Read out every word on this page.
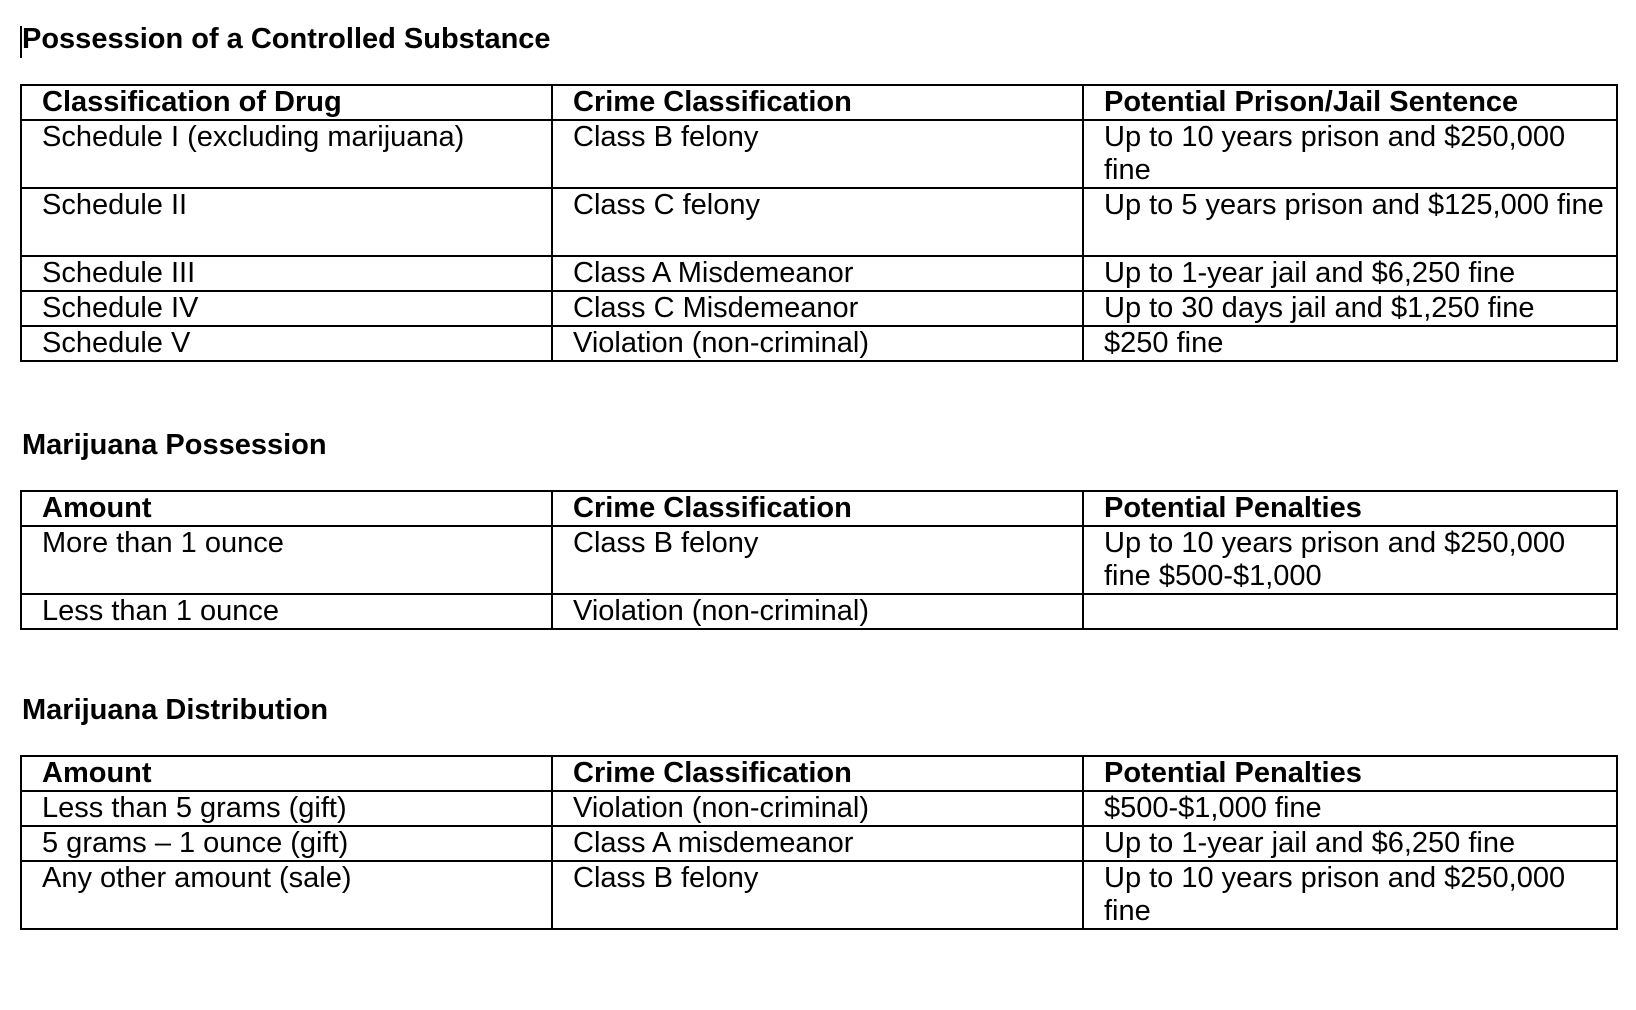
Possession of a Controlled Substance
Classification of Drug	Crime Classification	Potential Prison/Jail Sentence
Schedule I (excluding marijuana)	Class B felony	Up to 10 years prison and $250,000 fine
Schedule II	Class C felony	Up to 5 years prison and $125,000 fine
Schedule III	Class A Misdemeanor	Up to 1-year jail and $6,250 fine
Schedule IV	Class C Misdemeanor	Up to 30 days jail and $1,250 fine
Schedule V	Violation (non-criminal)	$250 fine
Marijuana Possession
Amount	Crime Classification	Potential Penalties
More than 1 ounce	Class B felony	Up to 10 years prison and $250,000 fine $500-$1,000
Less than 1 ounce	Violation (non-criminal)	
Marijuana Distribution
Amount	Crime Classification	Potential Penalties
Less than 5 grams (gift)	Violation (non-criminal)	$500-$1,000 fine
5 grams – 1 ounce (gift)	Class A misdemeanor	Up to 1-year jail and $6,250 fine
Any other amount (sale)	Class B felony	Up to 10 years prison and $250,000 fine
